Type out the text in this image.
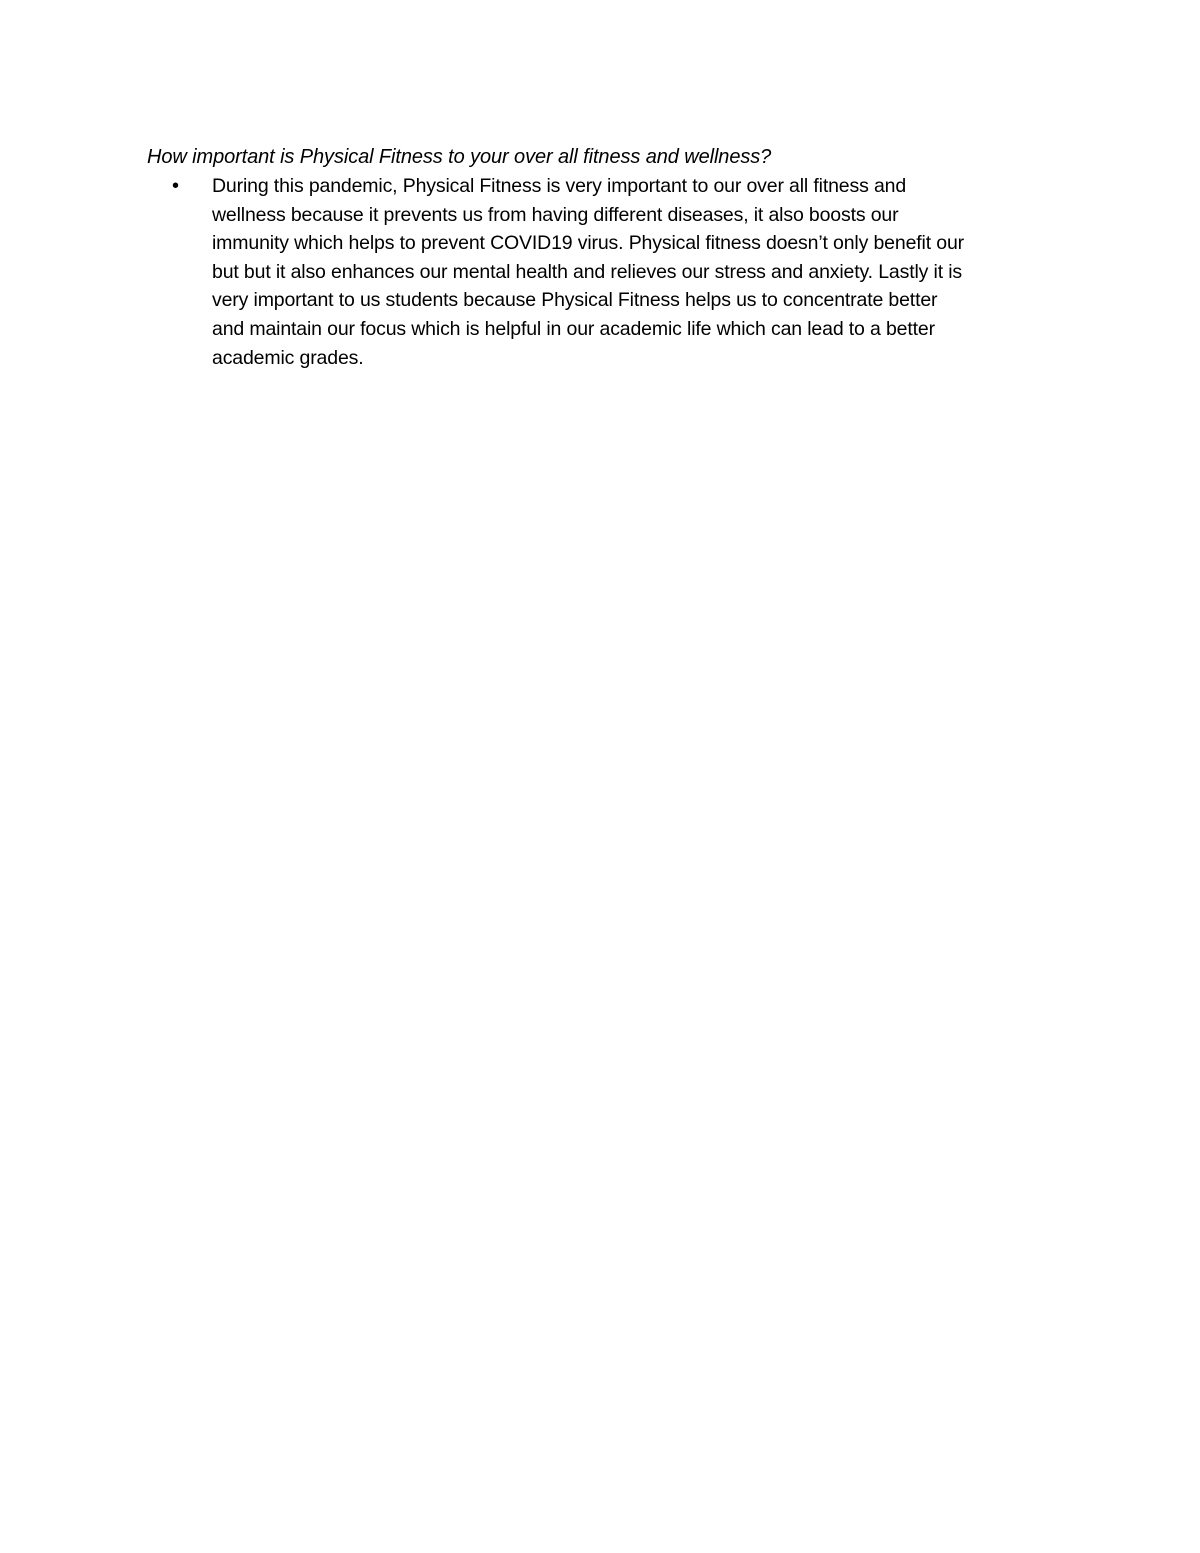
How important is Physical Fitness to your over all fitness and wellness?
•	During this pandemic, Physical Fitness is very important to our over all fitness and
wellness because it prevents us from having different diseases, it also boosts our
immunity which helps to prevent COVID19 virus. Physical fitness doesn’t only benefit our
but but it also enhances our mental health and relieves our stress and anxiety. Lastly it is
very important to us students because Physical Fitness helps us to concentrate better
and maintain our focus which is helpful in our academic life which can lead to a better
academic grades.
